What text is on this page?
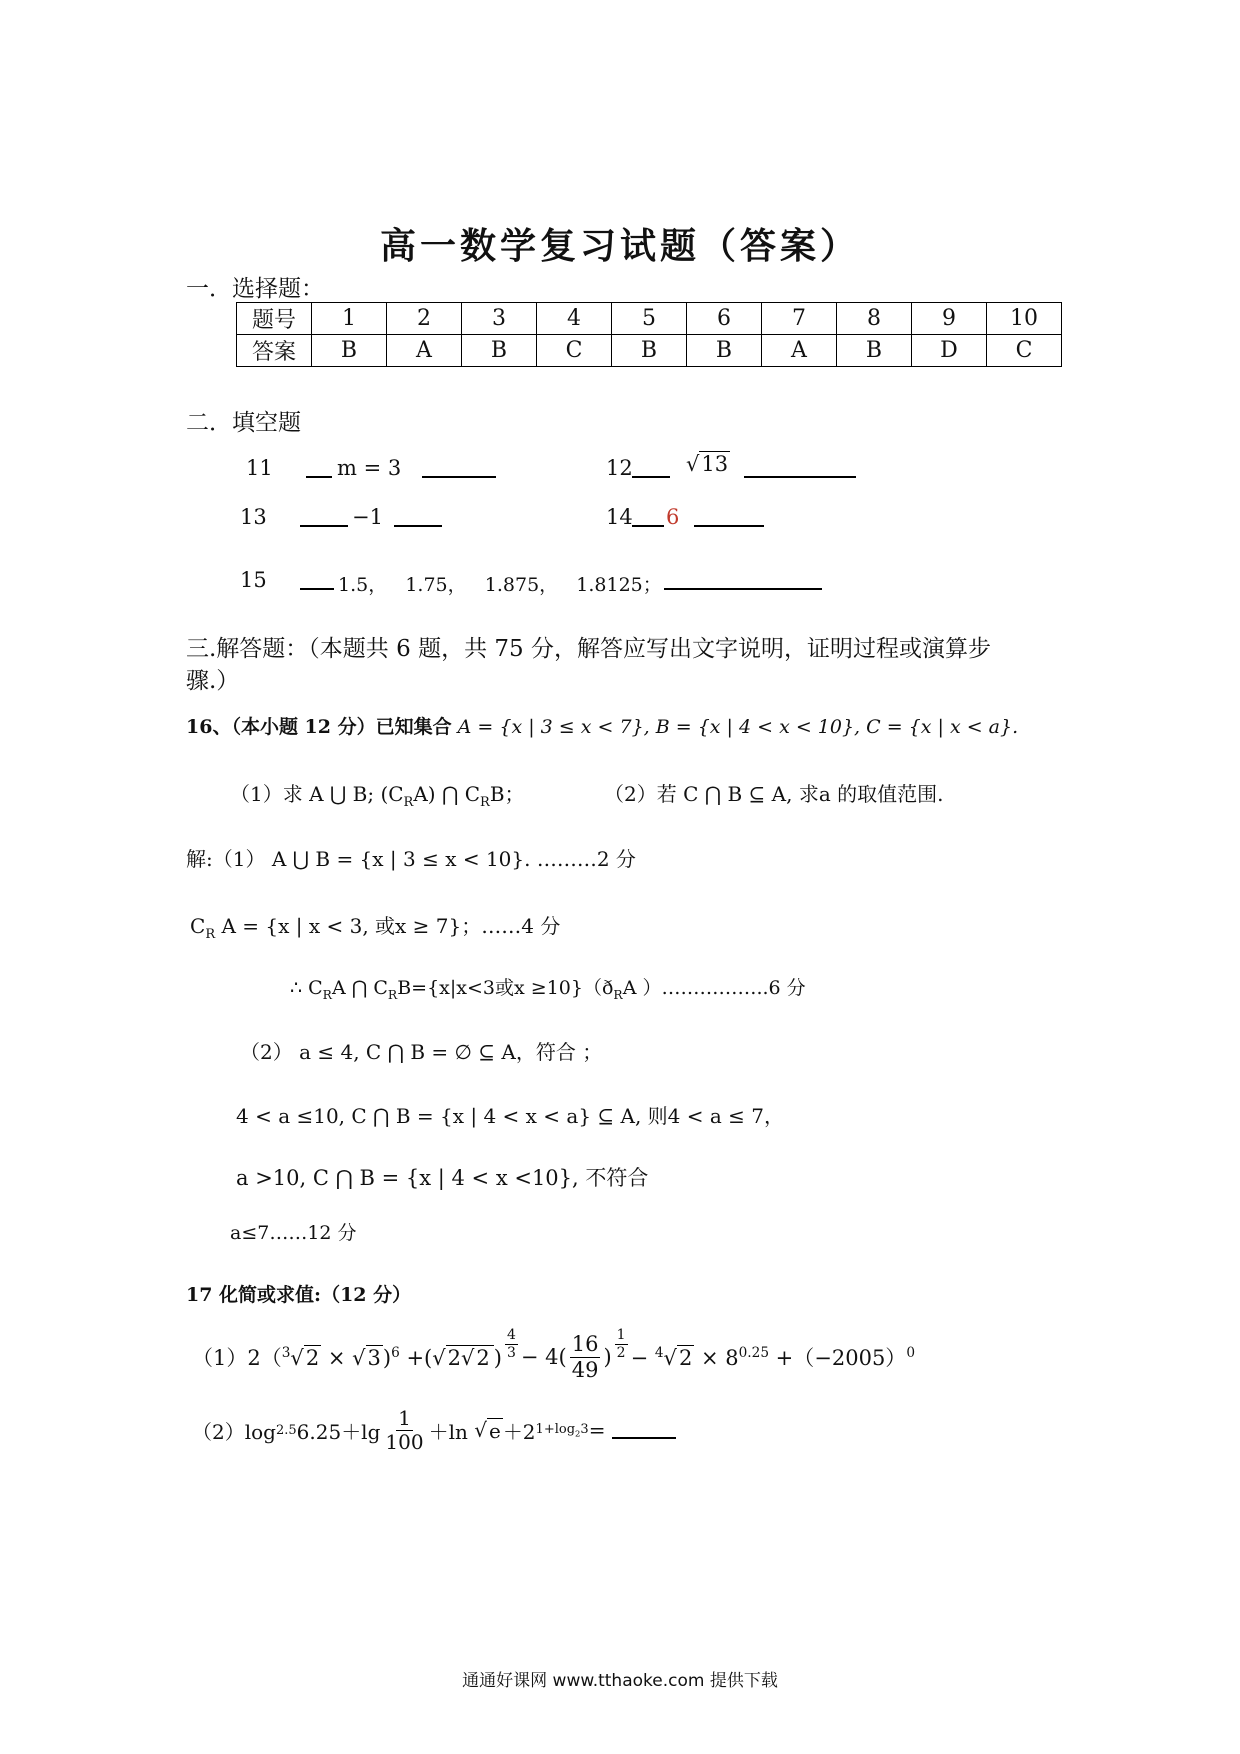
高一数学复习试题（答案）
一．选择题：
题号	1	2	3	4	5	6	7	8	9	10
答案	B	A	B	C	B	B	A	B	D	C
二．填空题
11	m = 3	12	√13
13	−1	14 6
15	1.5，   1.75，   1.875，   1.8125；
三.解答题：（本题共 6 题，共 75 分，解答应写出文字说明，证明过程或演算步
骤.）
16、（本小题 12 分）已知集合 A = {x | 3 ≤ x < 7}, B = {x | 4 < x < 10}, C = {x | x < a}.
（1）求 A ⋃ B; $(C_RA)$ ⋂ $C_RB$；	（2）若 C ⋂ B ⊆ A, 求a 的取值范围.
解:（1） A ⋃ B = {x | 3 ≤ x < 10}. ………2 分
$C_R$ A = {x | x < 3, 或x ≥ 7}；……4 分
∴ $C_RA$ ⋂ $C_RB=\{x|x<3$或$x \ge 10\}(ð_RA$ ）……………..6 分
（2） a ≤ 4, C ⋂ B = ∅ ⊆ A，符合 ；
4 < a ≤10, C ⋂ B = {x | 4 < x < a} ⊆ A, 则4 < a ≤ 7，
a >10, C ⋂ B = {x | 4 < x <10}, 不符合
a≤7……12 分
17 化简或求值:（12 分）
（1）2（ $^3$√2 × √3)$^6$ +(√2√2 ) $\frac{4}{3} - 4( \frac{16}{49}$ ) $\frac{1}{2} - ^4√2 \times 8^{0.25} +(-2005)^0$
（2）log 2.5 $6.25+\lg \frac{1}{100} +\ln$ √ e ＋2 $1+\log_23$ =

通通好课网 www.tthaoke.com 提供下载
